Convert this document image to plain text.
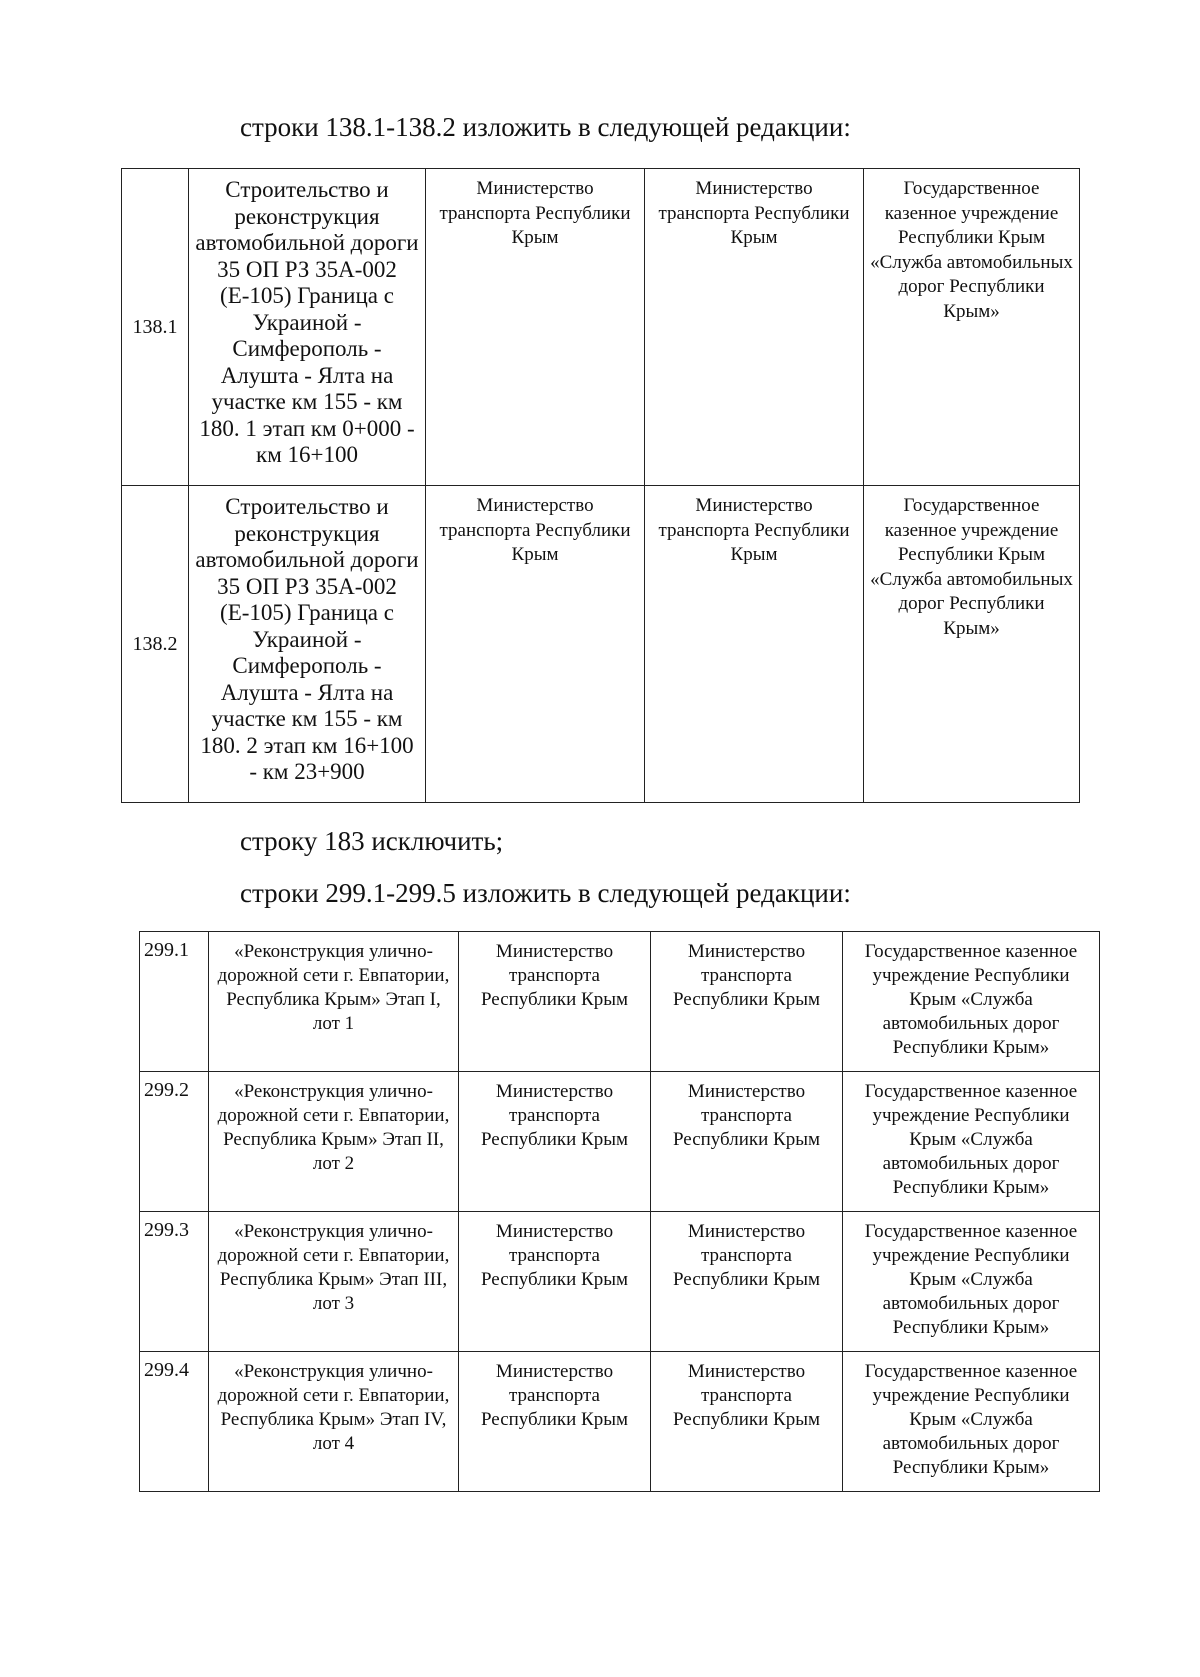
строки 138.1-138.2 изложить в следующей редакции:

138.1	Строительство и реконструкция автомобильной дороги 35 ОП РЗ 35А-002 (Е-105) Граница с Украиной - Симферополь - Алушта - Ялта на участке км 155 - км 180. 1 этап км 0+000 - км 16+100	Министерство транспорта Республики Крым	Министерство транспорта Республики Крым	Государственное казенное учреждение Республики Крым «Служба автомобильных дорог Республики Крым»
138.2	Строительство и реконструкция автомобильной дороги 35 ОП РЗ 35А-002 (Е-105) Граница с Украиной - Симферополь - Алушта - Ялта на участке км 155 - км 180. 2 этап км 16+100 - км 23+900	Министерство транспорта Республики Крым	Министерство транспорта Республики Крым	Государственное казенное учреждение Республики Крым «Служба автомобильных дорог Республики Крым»

строку 183 исключить;

строки 299.1-299.5 изложить в следующей редакции:

299.1	«Реконструкция улично-дорожной сети г. Евпатории, Республика Крым» Этап I, лот 1	Министерство транспорта Республики Крым	Министерство транспорта Республики Крым	Государственное казенное учреждение Республики Крым «Служба автомобильных дорог Республики Крым»
299.2	«Реконструкция улично-дорожной сети г. Евпатории, Республика Крым» Этап II, лот 2	Министерство транспорта Республики Крым	Министерство транспорта Республики Крым	Государственное казенное учреждение Республики Крым «Служба автомобильных дорог Республики Крым»
299.3	«Реконструкция улично-дорожной сети г. Евпатории, Республика Крым» Этап III, лот 3	Министерство транспорта Республики Крым	Министерство транспорта Республики Крым	Государственное казенное учреждение Республики Крым «Служба автомобильных дорог Республики Крым»
299.4	«Реконструкция улично-дорожной сети г. Евпатории, Республика Крым» Этап IV, лот 4	Министерство транспорта Республики Крым	Министерство транспорта Республики Крым	Государственное казенное учреждение Республики Крым «Служба автомобильных дорог Республики Крым»
